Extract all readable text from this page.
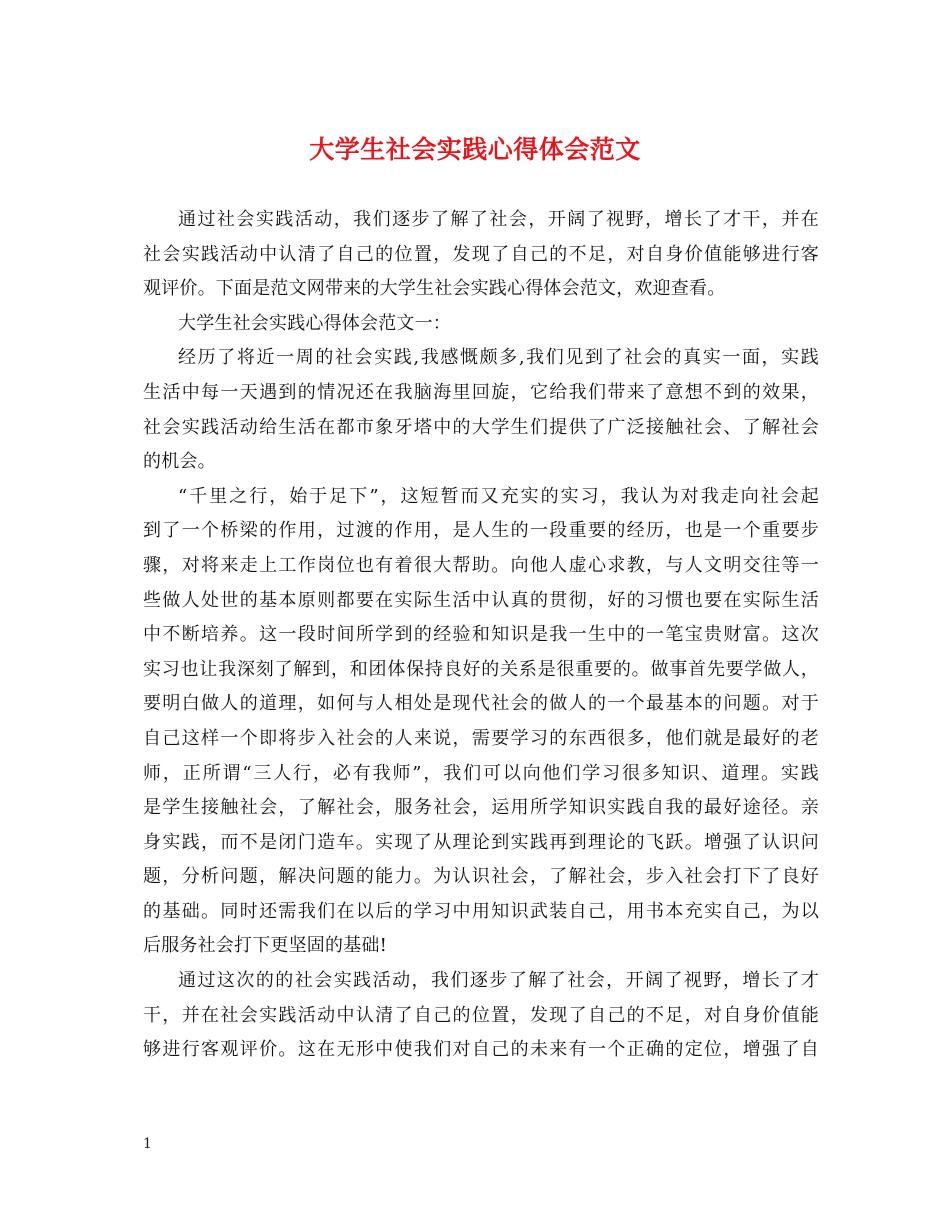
大学生社会实践心得体会范文
通过社会实践活动，我们逐步了解了社会，开阔了视野，增长了才干，并在
社会实践活动中认清了自己的位置，发现了自己的不足，对自身价值能够进行客
观评价。下面是范文网带来的大学生社会实践心得体会范文，欢迎查看。
大学生社会实践心得体会范文一：
经历了将近一周的社会实践,我感慨颇多,我们见到了社会的真实一面，实践
生活中每一天遇到的情况还在我脑海里回旋，它给我们带来了意想不到的效果，
社会实践活动给生活在都市象牙塔中的大学生们提供了广泛接触社会、了解社会
的机会。
“千里之行，始于足下”，这短暂而又充实的实习，我认为对我走向社会起
到了一个桥梁的作用，过渡的作用，是人生的一段重要的经历，也是一个重要步
骤，对将来走上工作岗位也有着很大帮助。向他人虚心求教，与人文明交往等一
些做人处世的基本原则都要在实际生活中认真的贯彻，好的习惯也要在实际生活
中不断培养。这一段时间所学到的经验和知识是我一生中的一笔宝贵财富。这次
实习也让我深刻了解到，和团体保持良好的关系是很重要的。做事首先要学做人，
要明白做人的道理，如何与人相处是现代社会的做人的一个最基本的问题。对于
自己这样一个即将步入社会的人来说，需要学习的东西很多，他们就是最好的老
师，正所谓“三人行，必有我师”，我们可以向他们学习很多知识、道理。实践
是学生接触社会，了解社会，服务社会，运用所学知识实践自我的最好途径。亲
身实践，而不是闭门造车。实现了从理论到实践再到理论的飞跃。增强了认识问
题，分析问题，解决问题的能力。为认识社会，了解社会，步入社会打下了良好
的基础。同时还需我们在以后的学习中用知识武装自己，用书本充实自己，为以
后服务社会打下更坚固的基础!
通过这次的的社会实践活动，我们逐步了解了社会，开阔了视野，增长了才
干，并在社会实践活动中认清了自己的位置，发现了自己的不足，对自身价值能
够进行客观评价。这在无形中使我们对自己的未来有一个正确的定位，增强了自
1
